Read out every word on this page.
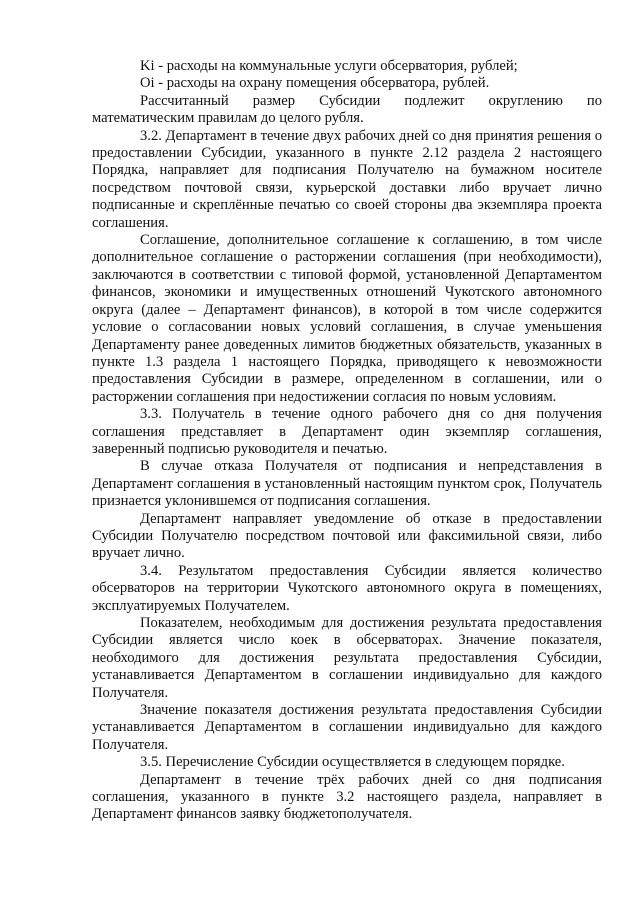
Ki - расходы на коммунальные услуги обсерватория, рублей;

Oi - расходы на охрану помещения обсерватора, рублей.

Рассчитанный размер Субсидии подлежит округлению по математическим правилам до целого рубля.

3.2. Департамент в течение двух рабочих дней со дня принятия решения о предоставлении Субсидии, указанного в пункте 2.12 раздела 2 настоящего Порядка, направляет для подписания Получателю на бумажном носителе посредством почтовой связи, курьерской доставки либо вручает лично подписанные и скреплённые печатью со своей стороны два экземпляра проекта соглашения.

Соглашение, дополнительное соглашение к соглашению, в том числе дополнительное соглашение о расторжении соглашения (при необходимости), заключаются в соответствии с типовой формой, установленной Департаментом финансов, экономики и имущественных отношений Чукотского автономного округа (далее – Департамент финансов), в которой в том числе содержится условие о согласовании новых условий соглашения, в случае уменьшения Департаменту ранее доведенных лимитов бюджетных обязательств, указанных в пункте 1.3 раздела 1 настоящего Порядка, приводящего к невозможности предоставления Субсидии в размере, определенном в соглашении, или о расторжении соглашения при недостижении согласия по новым условиям.

3.3. Получатель в течение одного рабочего дня со дня получения соглашения представляет в Департамент один экземпляр соглашения, заверенный подписью руководителя и печатью.

В случае отказа Получателя от подписания и непредставления в Департамент соглашения в установленный настоящим пунктом срок, Получатель признается уклонившемся от подписания соглашения.

Департамент направляет уведомление об отказе в предоставлении Субсидии Получателю посредством почтовой или факсимильной связи, либо вручает лично.

3.4. Результатом предоставления Субсидии является количество обсерваторов на территории Чукотского автономного округа в помещениях, эксплуатируемых Получателем.

Показателем, необходимым для достижения результата предоставления Субсидии является число коек в обсерваторах. Значение показателя, необходимого для достижения результата предоставления Субсидии, устанавливается Департаментом в соглашении индивидуально для каждого Получателя.

Значение показателя достижения результата предоставления Субсидии устанавливается Департаментом в соглашении индивидуально для каждого Получателя.

3.5. Перечисление Субсидии осуществляется в следующем порядке.

Департамент в течение трёх рабочих дней со дня подписания соглашения, указанного в пункте 3.2 настоящего раздела, направляет в Департамент финансов заявку бюджетополучателя.
